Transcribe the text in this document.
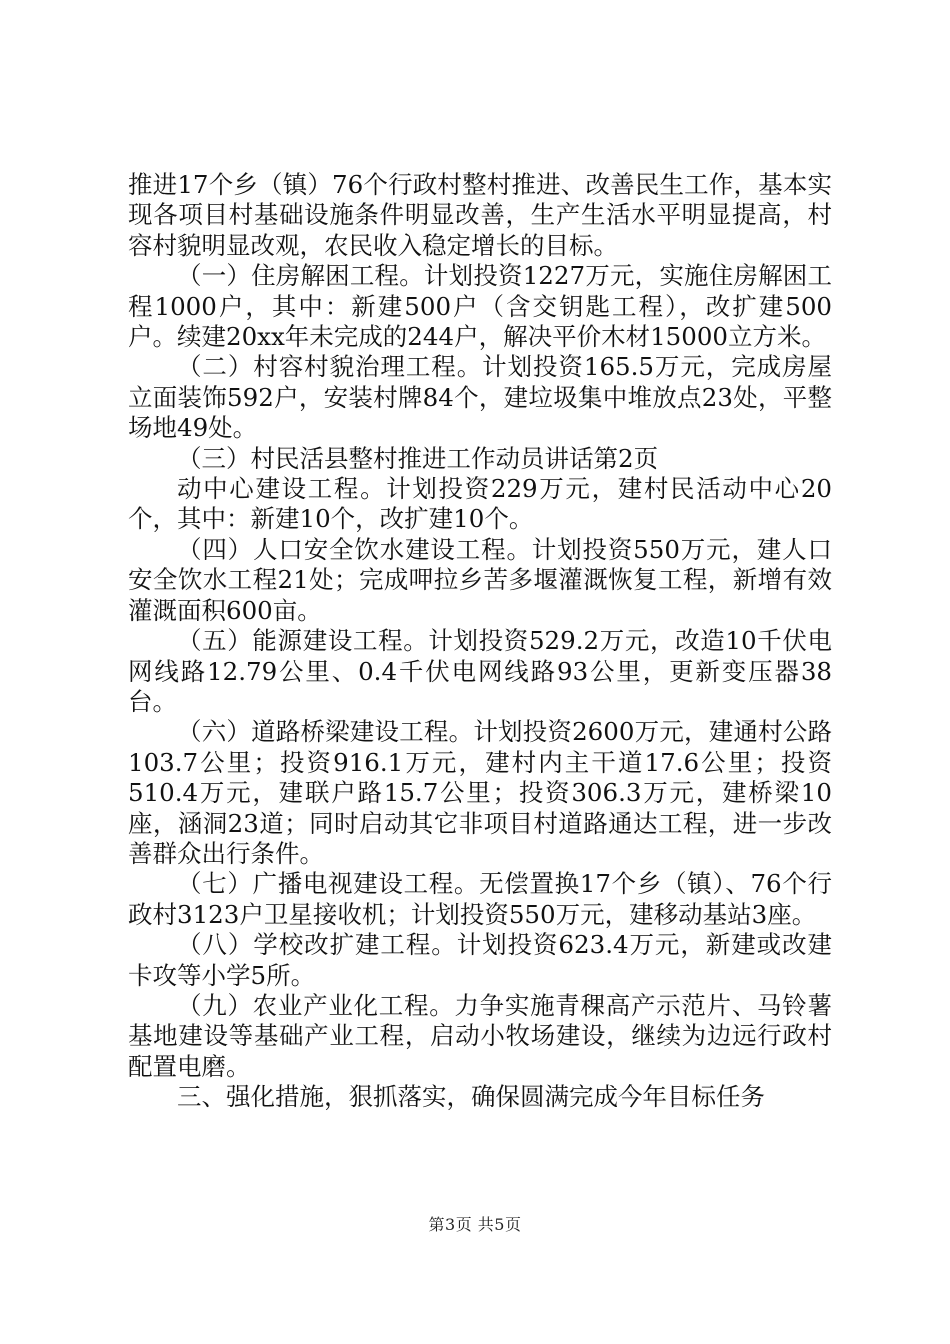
推进17个乡（镇）76个行政村整村推进、改善民生工作，基本实现各项目村基础设施条件明显改善，生产生活水平明显提高，村容村貌明显改观，农民收入稳定增长的目标。

（一）住房解困工程。计划投资1227万元，实施住房解困工程1000户，其中：新建500户（含交钥匙工程），改扩建500户。续建20xx年未完成的244户，解决平价木材15000立方米。

（二）村容村貌治理工程。计划投资165.5万元，完成房屋立面装饰592户，安装村牌84个，建垃圾集中堆放点23处，平整场地49处。

（三）村民活县整村推进工作动员讲话第2页

动中心建设工程。计划投资229万元，建村民活动中心20个，其中：新建10个，改扩建10个。

（四）人口安全饮水建设工程。计划投资550万元，建人口安全饮水工程21处；完成呷拉乡苦多堰灌溉恢复工程，新增有效灌溉面积600亩。

（五）能源建设工程。计划投资529.2万元，改造10千伏电网线路12.79公里、0.4千伏电网线路93公里，更新变压器38台。

（六）道路桥梁建设工程。计划投资2600万元，建通村公路103.7公里；投资916.1万元，建村内主干道17.6公里；投资510.4万元，建联户路15.7公里；投资306.3万元，建桥梁10座，涵洞23道；同时启动其它非项目村道路通达工程，进一步改善群众出行条件。

（七）广播电视建设工程。无偿置换17个乡（镇）、76个行政村3123户卫星接收机；计划投资550万元，建移动基站3座。

（八）学校改扩建工程。计划投资623.4万元，新建或改建卡攻等小学5所。

（九）农业产业化工程。力争实施青稞高产示范片、马铃薯基地建设等基础产业工程，启动小牧场建设，继续为边远行政村配置电磨。

三、强化措施，狠抓落实，确保圆满完成今年目标任务

第3页 共5页
